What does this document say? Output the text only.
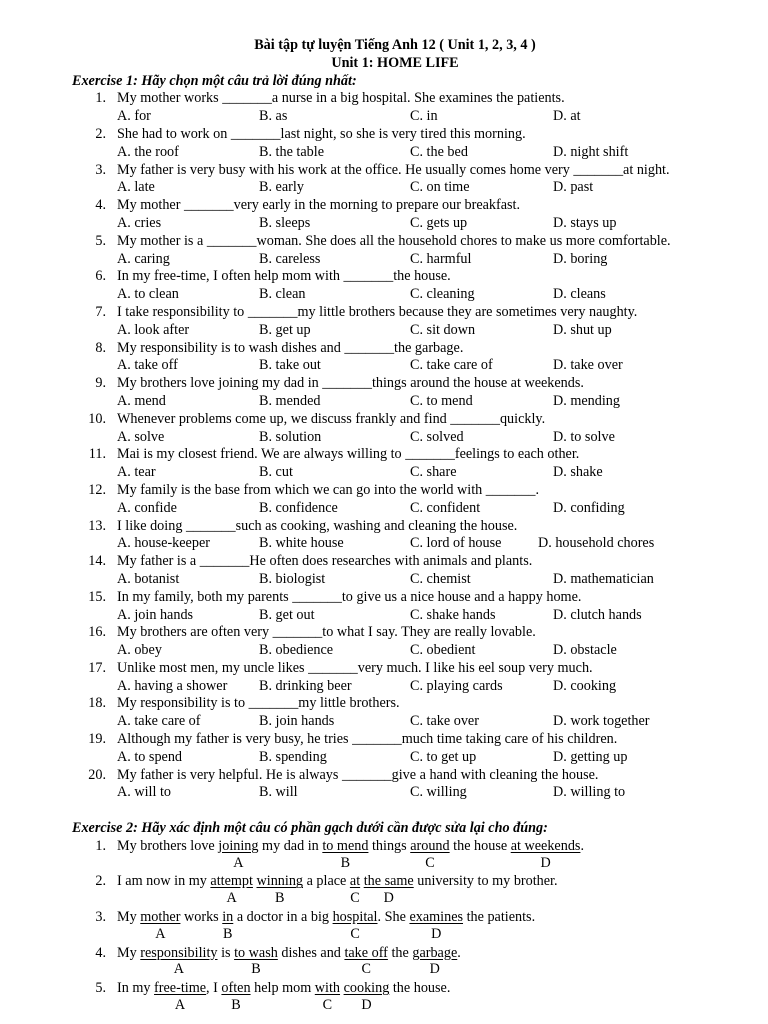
Bài tập tự luyện Tiếng Anh 12 ( Unit 1, 2, 3, 4 )
Unit 1: HOME LIFE
Exercise 1: Hãy chọn một câu trả lời đúng nhất:
1. My mother works _______a nurse in a big hospital. She examines the patients.
A. for	B. as	C. in	D. at
2. She had to work on _______last night, so she is very tired this morning.
A. the roof	B. the table	C. the bed	D. night shift
3. My father is very busy with his work at the office. He usually comes home very _______at night.
A. late	B. early	C. on time	D. past
4. My mother _______very early in the morning to prepare our breakfast.
A. cries	B. sleeps	C. gets up	D. stays up
5. My mother is a _______woman. She does all the household chores to make us more comfortable.
A. caring	B. careless	C. harmful	D. boring
6. In my free-time, I often help mom with _______the house.
A. to clean	B. clean	C. cleaning	D. cleans
7. I take responsibility to _______my little brothers because they are sometimes very naughty.
A. look after	B. get up	C. sit down	D. shut up
8. My responsibility is to wash dishes and _______the garbage.
A. take off	B. take out	C. take care of	D. take over
9. My brothers love joining my dad in _______things around the house at weekends.
A. mend	B. mended	C. to mend	D. mending
10. Whenever problems come up, we discuss frankly and find _______quickly.
A. solve	B. solution	C. solved	D. to solve
11. Mai is my closest friend. We are always willing to _______feelings to each other.
A. tear	B. cut	C. share	D. shake
12. My family is the base from which we can go into the world with _______.
A. confide	B. confidence	C. confident	D. confiding
13. I like doing _______such as cooking, washing and cleaning the house.
A. house-keeper	B. white house	C. lord of house	D. household chores
14. My father is a _______He often does researches with animals and plants.
A. botanist	B. biologist	C. chemist	D. mathematician
15. In my family, both my parents _______to give us a nice house and a happy home.
A. join hands	B. get out	C. shake hands	D. clutch hands
16. My brothers are often very _______to what I say. They are really lovable.
A. obey	B. obedience	C. obedient	D. obstacle
17. Unlike most men, my uncle likes _______very much. I like his eel soup very much.
A. having a shower B. drinking beer	C. playing cards	D. cooking
18. My responsibility is to _______my little brothers.
A. take care of	B. join hands	C. take over	D. work together
19. Although my father is very busy, he tries _______much time taking care of his children.
A. to spend	B. spending	C. to get up	D. getting up
20. My father is very helpful. He is always _______give a hand with cleaning the house.
A. will to	B. will	C. willing	D. willing to
Exercise 2: Hãy xác định một câu có phần gạch dưới cần được sửa lại cho đúng:
1. My brothers love joining my dad in to mend things around the house at weekends.
A	B	C	D
2. I am now in my attempt winning a place at the same university to my brother.
A	B	C D
3. My mother works in a doctor in a big hospital. She examines the patients.
A	B	C	D
4. My responsibility is to wash dishes and take off the garbage.
A	B	C	D
5. In my free-time, I often help mom with cooking the house.
A	B	C D
